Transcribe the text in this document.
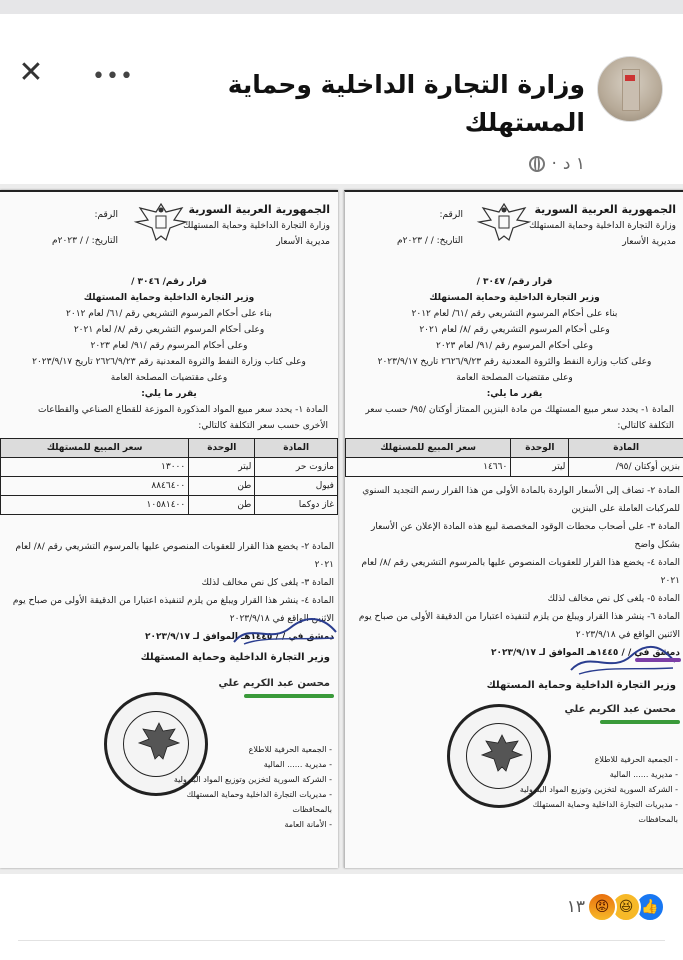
✕ •••	وزارة التجارة الداخلية وحماية المستهلك
١ د
·
الجمهورية العربية السورية
وزارة التجارة الداخلية وحماية المستهلك
مديرية الأسعار
الرقم:
التاريخ: / / ٢٠٢٣م
قرار رقم/ ٣٠٤٦ /
وزير التجارة الداخلية وحماية المستهلك
بناء على أحكام المرسوم التشريعي رقم /٦١/ لعام ٢٠١٢
وعلى أحكام المرسوم التشريعي رقم /٨/ لعام ٢٠٢١
وعلى أحكام المرسوم رقم /٩١/ لعام ٢٠٢٣
وعلى كتاب وزارة النفط والثروة المعدنية رقم ٢٦٢٦/٩/٢٣ تاريخ ٢٠٢٣/٩/١٧
وعلى مقتضيات المصلحة العامة
يقرر ما يلي:
المادة ١- يحدد سعر مبيع المواد المذكورة الموزعة للقطاع الصناعي والقطاعات الأخرى حسب سعر التكلفة كالتالي:
المادة	الوحدة	سعر المبيع للمستهلك
مازوت حر	ليتر	١٣٠٠٠
فيول	طن	٨٨٤٦٤٠٠
غاز دوكما	طن	١٠٥٨١٤٠٠
المادة ٢- يخضع هذا القرار للعقوبات المنصوص عليها بالمرسوم التشريعي رقم /٨/ لعام ٢٠٢١
المادة ٣- يلغى كل نص مخالف لذلك
المادة ٤- ينشر هذا القرار ويبلغ من يلزم لتنفيذه اعتبارا من الدقيقة الأولى من صباح يوم الاثنين الواقع في ٢٠٢٣/٩/١٨
دمشق في / / ١٤٤٥هـ الموافق لـ ٢٠٢٣/٩/١٧
وزير التجارة الداخلية وحماية المستهلك
محسن عبد الكريم علي
- الجمعية الحرفية للاطلاع
- مديرية ...... المالية
- الشركة السورية لتخزين وتوزيع المواد البترولية
- مديريات التجارة الداخلية وحماية المستهلك بالمحافظات
- الأمانة العامة
الجمهورية العربية السورية
وزارة التجارة الداخلية وحماية المستهلك
مديرية الأسعار
الرقم:
التاريخ: / / ٢٠٢٣م
قرار رقم/ ٣٠٤٧ /
وزير التجارة الداخلية وحماية المستهلك
بناء على أحكام المرسوم التشريعي رقم /٦١/ لعام ٢٠١٢
وعلى أحكام المرسوم التشريعي رقم /٨/ لعام ٢٠٢١
وعلى أحكام المرسوم رقم /٩١/ لعام ٢٠٢٣
وعلى كتاب وزارة النفط والثروة المعدنية رقم ٢٦٢٦/٩/٢٣ تاريخ ٢٠٢٣/٩/١٧
وعلى مقتضيات المصلحة العامة
يقرر ما يلي:
المادة ١- يحدد سعر مبيع المستهلك من مادة البنزين الممتاز أوكتان /٩٥/ حسب سعر التكلفة كالتالي:
المادة	الوحدة	سعر المبيع للمستهلك
بنزين أوكتان /٩٥/	ليتر	١٤٦٦٠
المادة ٢- تضاف إلى الأسعار الواردة بالمادة الأولى من هذا القرار رسم التجديد السنوي للمركبات العاملة على البنزين
المادة ٣- على أصحاب محطات الوقود المخصصة لبيع هذه المادة الإعلان عن الأسعار بشكل واضح
المادة ٤- يخضع هذا القرار للعقوبات المنصوص عليها بالمرسوم التشريعي رقم /٨/ لعام ٢٠٢١
المادة ٥- يلغى كل نص مخالف لذلك
المادة ٦- ينشر هذا القرار ويبلغ من يلزم لتنفيذه اعتبارا من الدقيقة الأولى من صباح يوم الاثنين الواقع في ٢٠٢٣/٩/١٨
دمشق في / / ١٤٤٥هـ الموافق لـ ٢٠٢٣/٩/١٧
وزير التجارة الداخلية وحماية المستهلك
محسن عبد الكريم علي
- الجمعية الحرفية للاطلاع
- مديرية ...... المالية
- الشركة السورية لتخزين وتوزيع المواد البترولية
- مديريات التجارة الداخلية وحماية المستهلك بالمحافظات
👍
😆
😡
١٣
